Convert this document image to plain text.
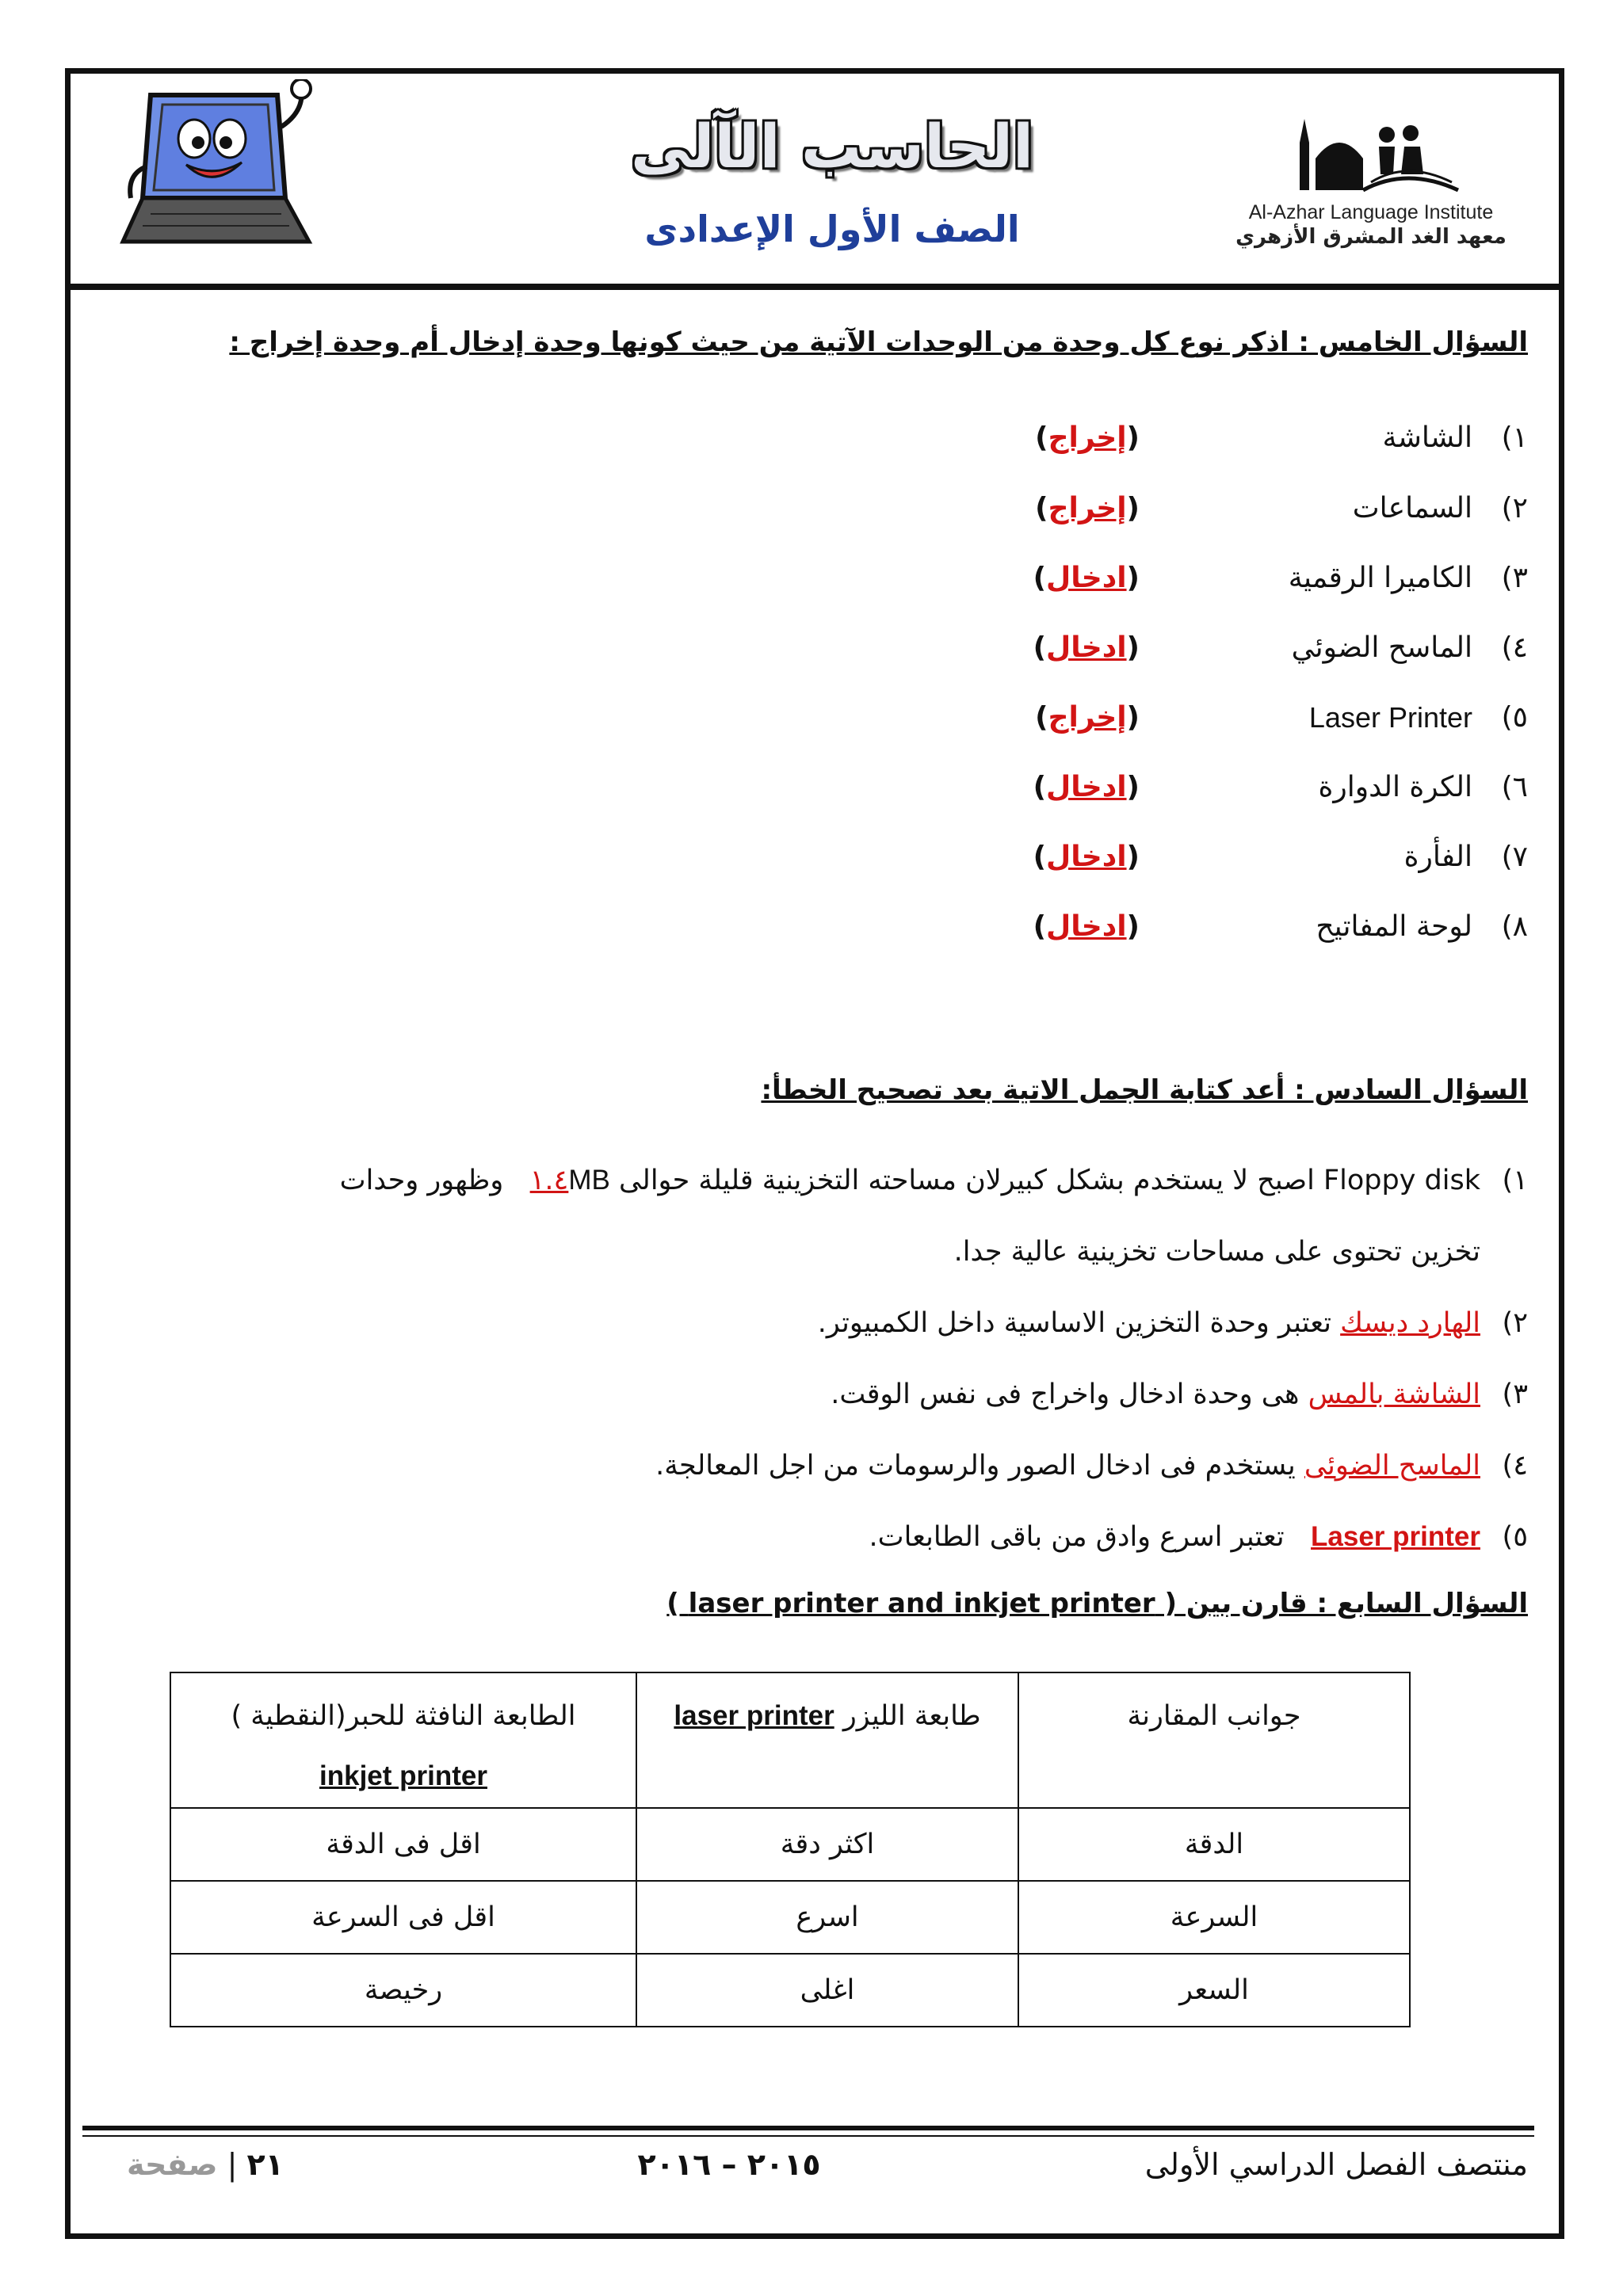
الحاسب الآلى
الصف الأول الإعدادى	Al-Azhar Language Institute
معهد الغد المشرق الأزهري
السؤال الخامس : اذكر نوع كل وحدة من الوحدات الآتية من حيث كونها وحدة إدخال أم وحدة إخراج :
١)
الشاشة
(إخراج)
٢)
السماعات
(إخراج)
٣)
الكاميرا الرقمية
(ادخال)
٤)
الماسح الضوئي
(ادخال)
٥)
Laser Printer
(إخراج)
٦)
الكرة الدوارة
(ادخال)
٧)
الفأرة
(ادخال)
٨)
لوحة المفاتيح
(ادخال)
السؤال السادس : أعد كتابة الجمل الاتية بعد تصحيح الخطأ:
١)Floppy disk اصبح لا يستخدم بشكل كبيرلان مساحته التخزينية قليلة حوالى ١.٤MB   وظهور وحدات
تخزين تحتوى على مساحات تخزينية عالية جدا.
٢)الهارد ديسك تعتبر وحدة التخزين الاساسية داخل الكمبيوتر.
٣)الشاشة بالمس هى وحدة ادخال واخراج فى نفس الوقت.
٤)الماسح الضوئى يستخدم فى ادخال الصور والرسومات من اجل المعالجة.
٥)Laser printer   تعتبر اسرع وادق من باقى الطابعات.
السؤال السابع : قارن بين ( laser printer and inkjet printer )
جوانب المقارنة	طابعة الليزر laser printer	الطابعة النافثة للحبر(النقطية )
inkjet printer

الدقة	اكثر دقة	اقل فى الدقة
السرعة	اسرع	اقل فى السرعة
السعر	اغلى	رخيصة
منتصف الفصل الدراسي الأولى
٢٠١٥ – ٢٠١٦
٢١ | صفحة
